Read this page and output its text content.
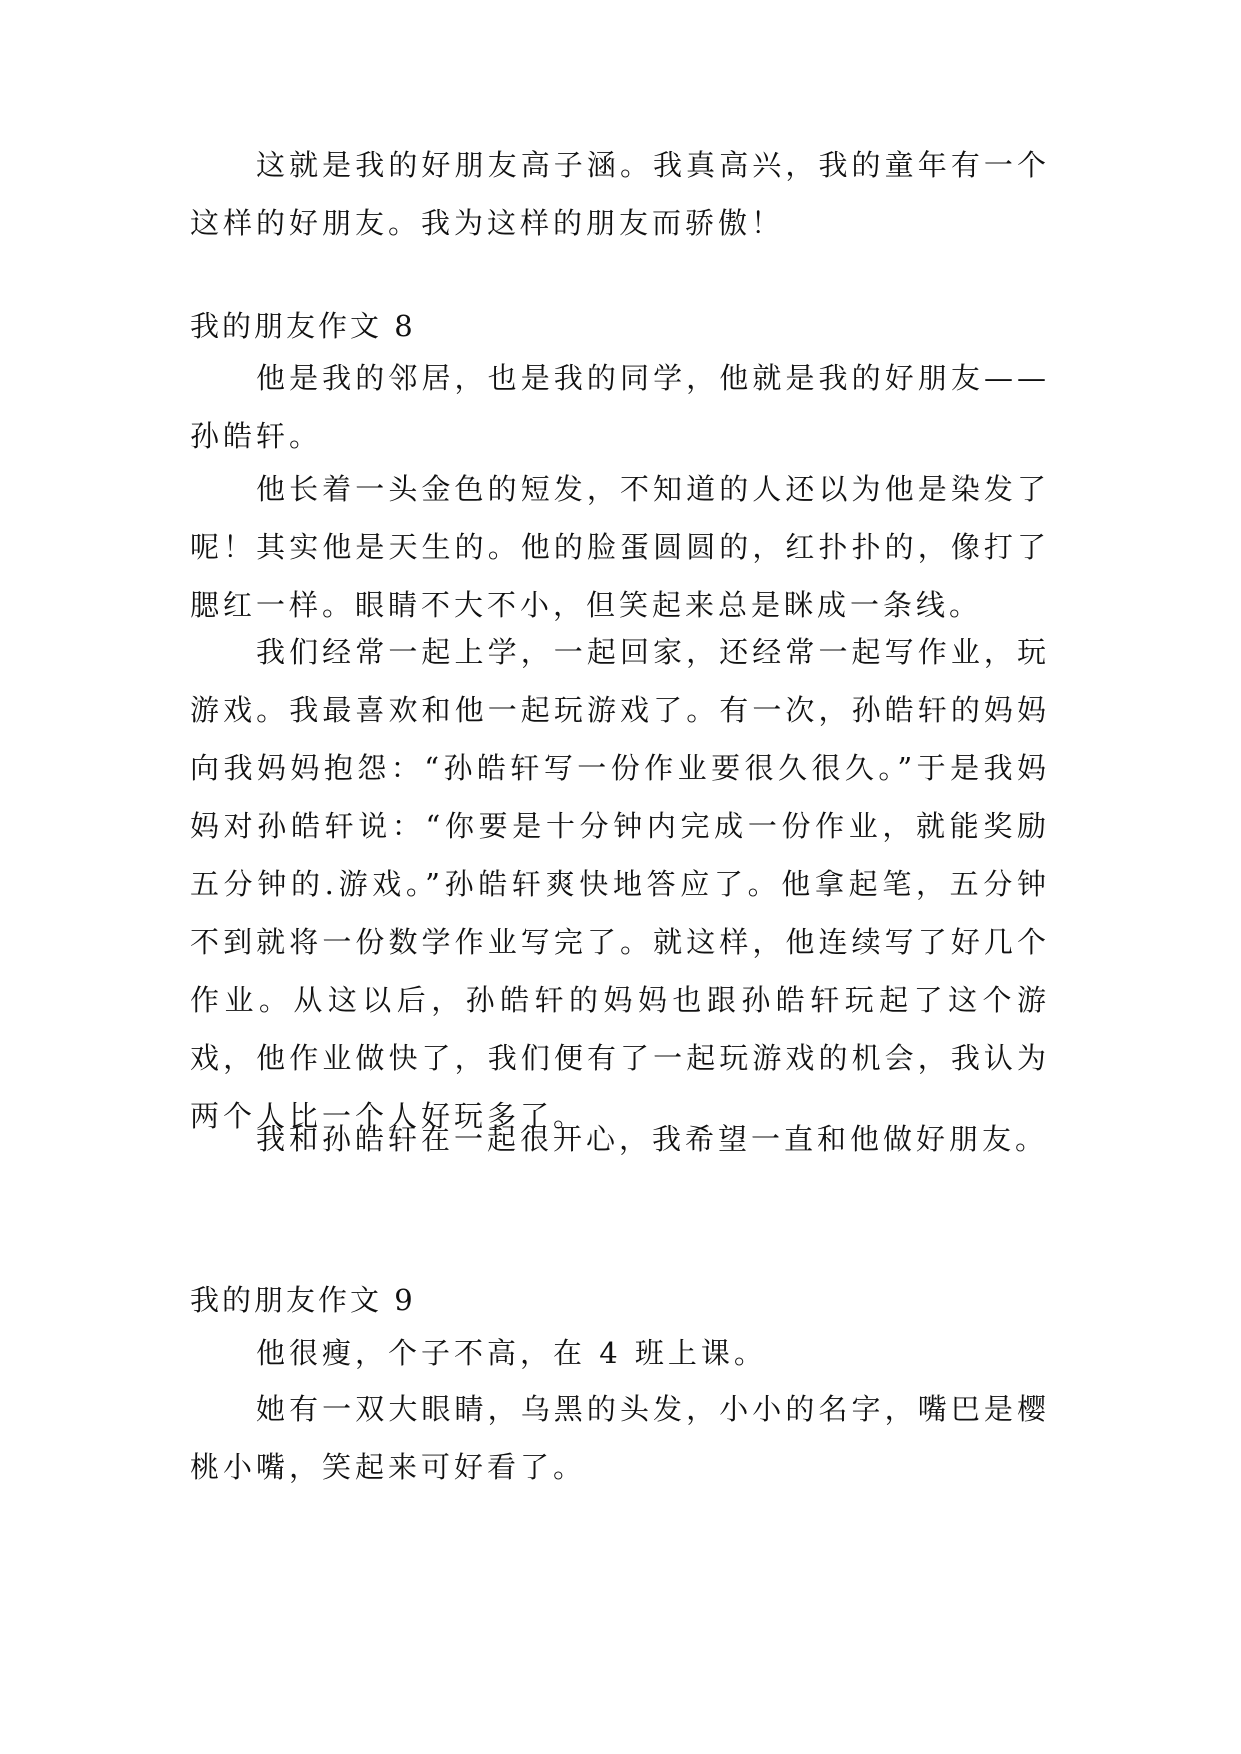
这就是我的好朋友高子涵。我真高兴，我的童年有一个这样的好朋友。我为这样的朋友而骄傲！

我的朋友作文 8

他是我的邻居，也是我的同学，他就是我的好朋友——孙皓轩。

他长着一头金色的短发，不知道的人还以为他是染发了呢！其实他是天生的。他的脸蛋圆圆的，红扑扑的，像打了腮红一样。眼睛不大不小，但笑起来总是眯成一条线。

我们经常一起上学，一起回家，还经常一起写作业，玩游戏。我最喜欢和他一起玩游戏了。有一次，孙皓轩的妈妈向我妈妈抱怨：“孙皓轩写一份作业要很久很久。”于是我妈妈对孙皓轩说：“你要是十分钟内完成一份作业，就能奖励五分钟的.游戏。”孙皓轩爽快地答应了。他拿起笔，五分钟不到就将一份数学作业写完了。就这样，他连续写了好几个作业。从这以后，孙皓轩的妈妈也跟孙皓轩玩起了这个游戏，他作业做快了，我们便有了一起玩游戏的机会，我认为两个人比一个人好玩多了。

我和孙皓轩在一起很开心，我希望一直和他做好朋友。

我的朋友作文 9

他很瘦，个子不高，在 4 班上课。

她有一双大眼睛，乌黑的头发，小小的名字，嘴巴是樱桃小嘴，笑起来可好看了。
